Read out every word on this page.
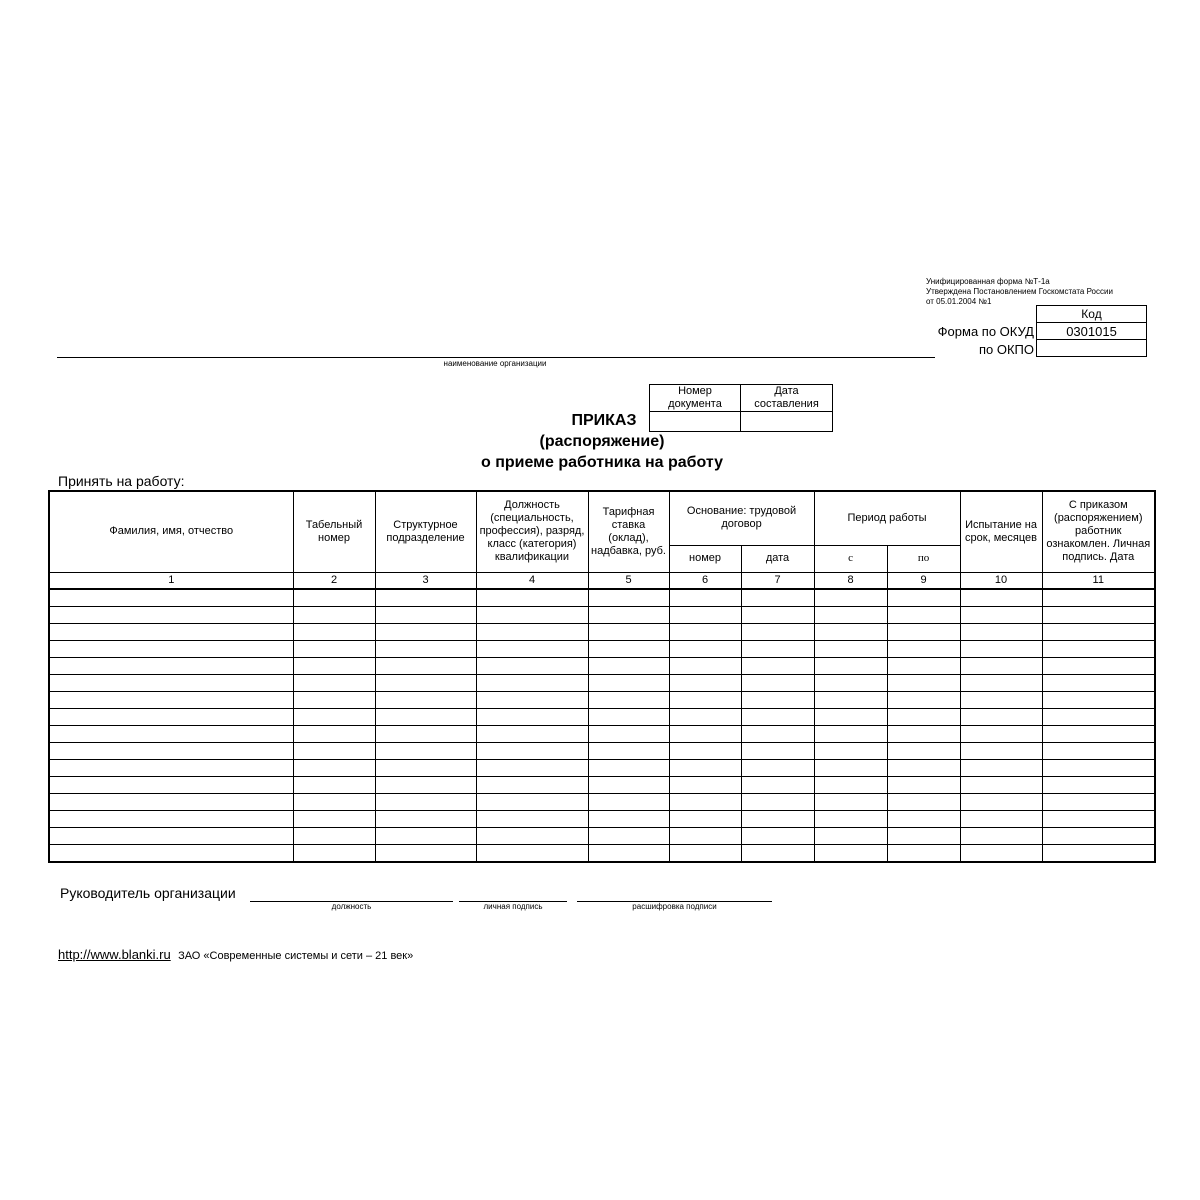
Унифицированная форма №Т-1а
Утверждена Постановлением Госкомстата России
от 05.01.2004 №1
Форма по ОКУД
по ОКПО
Код
0301015

наименование организации
Номер документа	Дата составления

ПРИКАЗ
(распоряжение)
о приеме работника на работу
Принять на работу:
Фамилия, имя, отчество	Табельный номер	Структурное подразделение	Должность (специальность, профессия), разряд, класс (категория) квалификации	Тарифная ставка (оклад), надбавка, руб.	Основание: трудовой договор		Период работы		Испытание на срок, месяцев	С приказом (распоряжением) работник ознакомлен. Личная подпись. Дата
					номер	дата	с	по		
1	2	3	4	5	6	7	8	9	10	11

Руководитель организации
должность	личная подпись	расшифровка подписи
http://www.blanki.ru ЗАО «Современные системы и сети – 21 век»
